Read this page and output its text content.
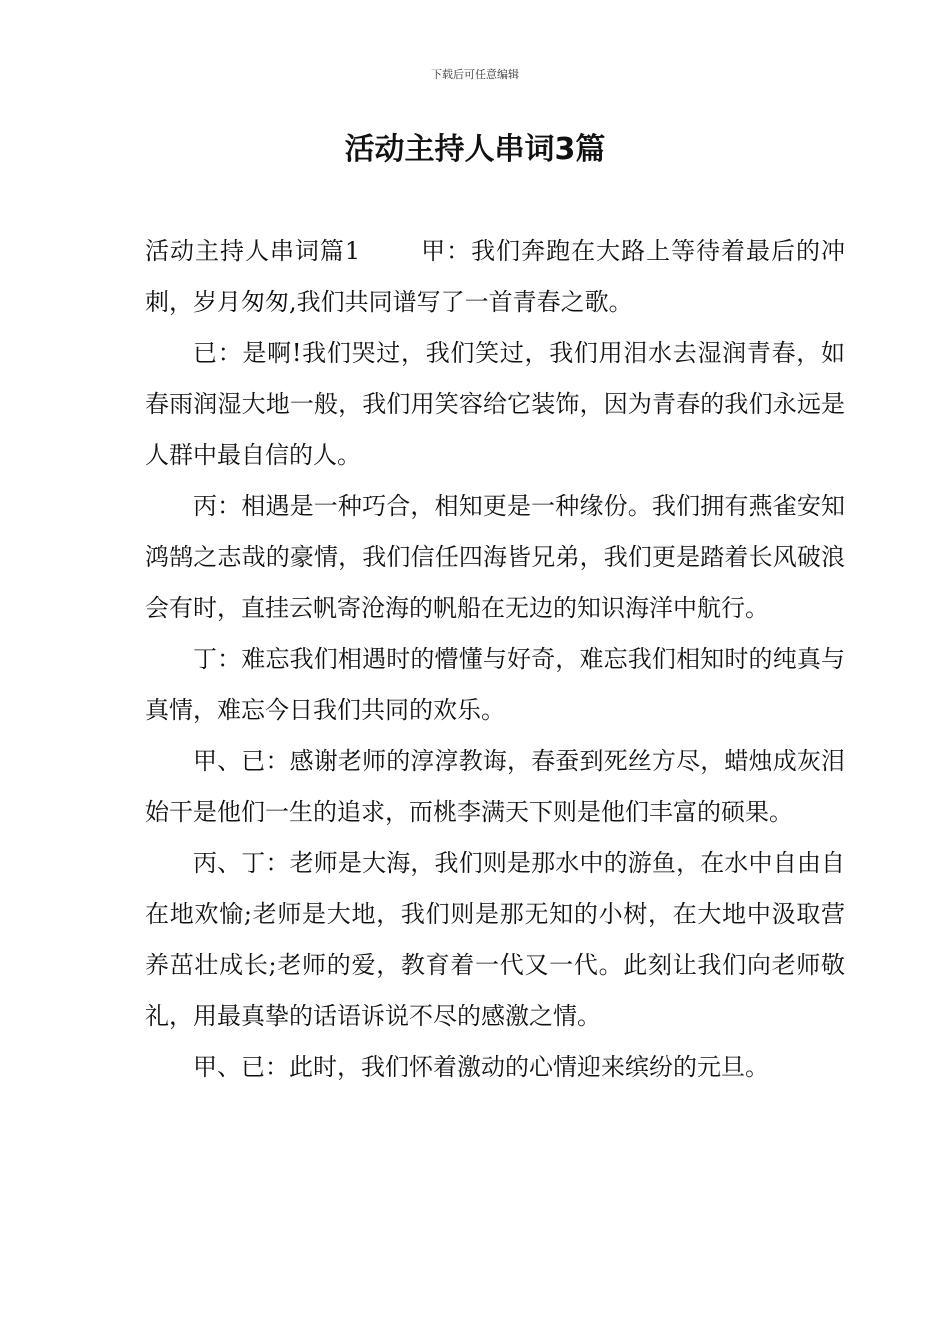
下载后可任意编辑
活动主持人串词3篇

活动主持人串词篇1	甲：我们奔跑在大路上等待着最后的冲刺，岁月匆匆,我们共同谱写了一首青春之歌。

已：是啊!我们哭过，我们笑过，我们用泪水去湿润青春，如春雨润湿大地一般，我们用笑容给它装饰，因为青春的我们永远是人群中最自信的人。

丙：相遇是一种巧合，相知更是一种缘份。我们拥有燕雀安知鸿鹄之志哉的豪情，我们信任四海皆兄弟，我们更是踏着长风破浪会有时，直挂云帆寄沧海的帆船在无边的知识海洋中航行。

丁：难忘我们相遇时的懵懂与好奇，难忘我们相知时的纯真与真情，难忘今日我们共同的欢乐。

甲、已：感谢老师的淳淳教诲，春蚕到死丝方尽，蜡烛成灰泪始干是他们一生的追求，而桃李满天下则是他们丰富的硕果。

丙、丁：老师是大海，我们则是那水中的游鱼，在水中自由自在地欢愉;老师是大地，我们则是那无知的小树，在大地中汲取营养茁壮成长;老师的爱，教育着一代又一代。此刻让我们向老师敬礼，用最真挚的话语诉说不尽的感激之情。

甲、已：此时，我们怀着激动的心情迎来缤纷的元旦。
